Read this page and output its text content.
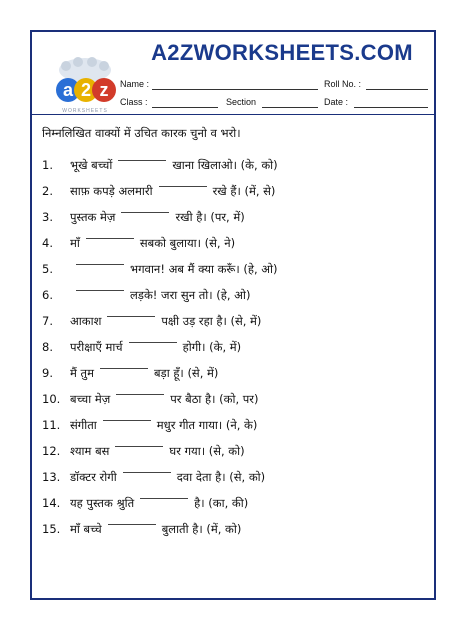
a 2 z
WORKSHEETS
A2ZWORKSHEETS.COM
Name :	Roll No. :
Class :	Section	Date :
निम्नलिखित वाक्यों में उचित कारक चुनो व भरो।
1. भूखे बच्चों	खाना खिलाओ। (के, को)
2. साफ़ कपड़े अलमारी	रखे हैं। (में, से)
3. पुस्तक मेज़	रखी है। (पर, में)
4. माँ	सबको बुलाया। (से, ने)
5.	भगवान! अब मैं क्या करूँ। (हे, ओ)
6.	लड़के! जरा सुन तो। (हे, ओ)
7. आकाश	पक्षी उड़ रहा है। (से, में)
8. परीक्षाएँ मार्च	होगी। (के, में)
9. मैं तुम	बड़ा हूँ। (से, में)
10. बच्चा मेज़	पर बैठा है। (को, पर)
11. संगीता	मधुर गीत गाया। (ने, के)
12. श्याम बस	घर गया। (से, को)
13. डॉक्टर रोगी	दवा देता है। (से, को)
14. यह पुस्तक श्रुति	है। (का, की)
15. माँ बच्चे	बुलाती है। (में, को)
